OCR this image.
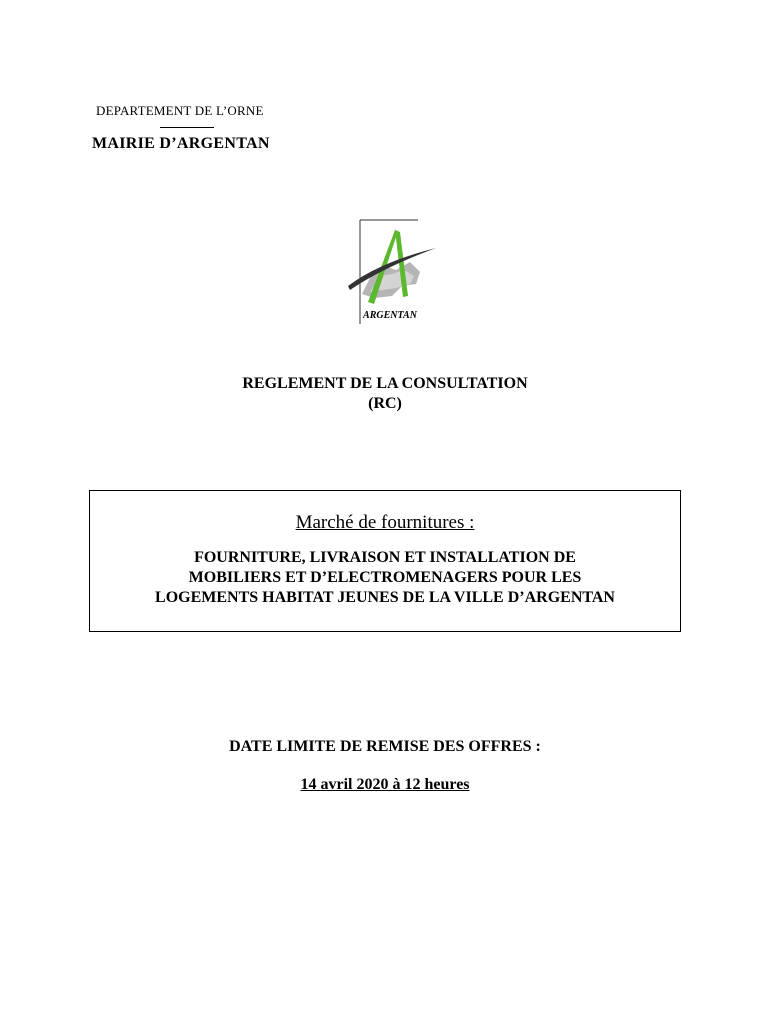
DEPARTEMENT DE L’ORNE
MAIRIE D’ARGENTAN
ARGENTAN
REGLEMENT DE LA CONSULTATION
(RC)
Marché de fournitures :
FOURNITURE, LIVRAISON ET INSTALLATION DE
MOBILIERS ET D’ELECTROMENAGERS POUR LES
LOGEMENTS HABITAT JEUNES DE LA VILLE D’ARGENTAN
DATE LIMITE DE REMISE DES OFFRES :
14 avril 2020 à 12 heures
